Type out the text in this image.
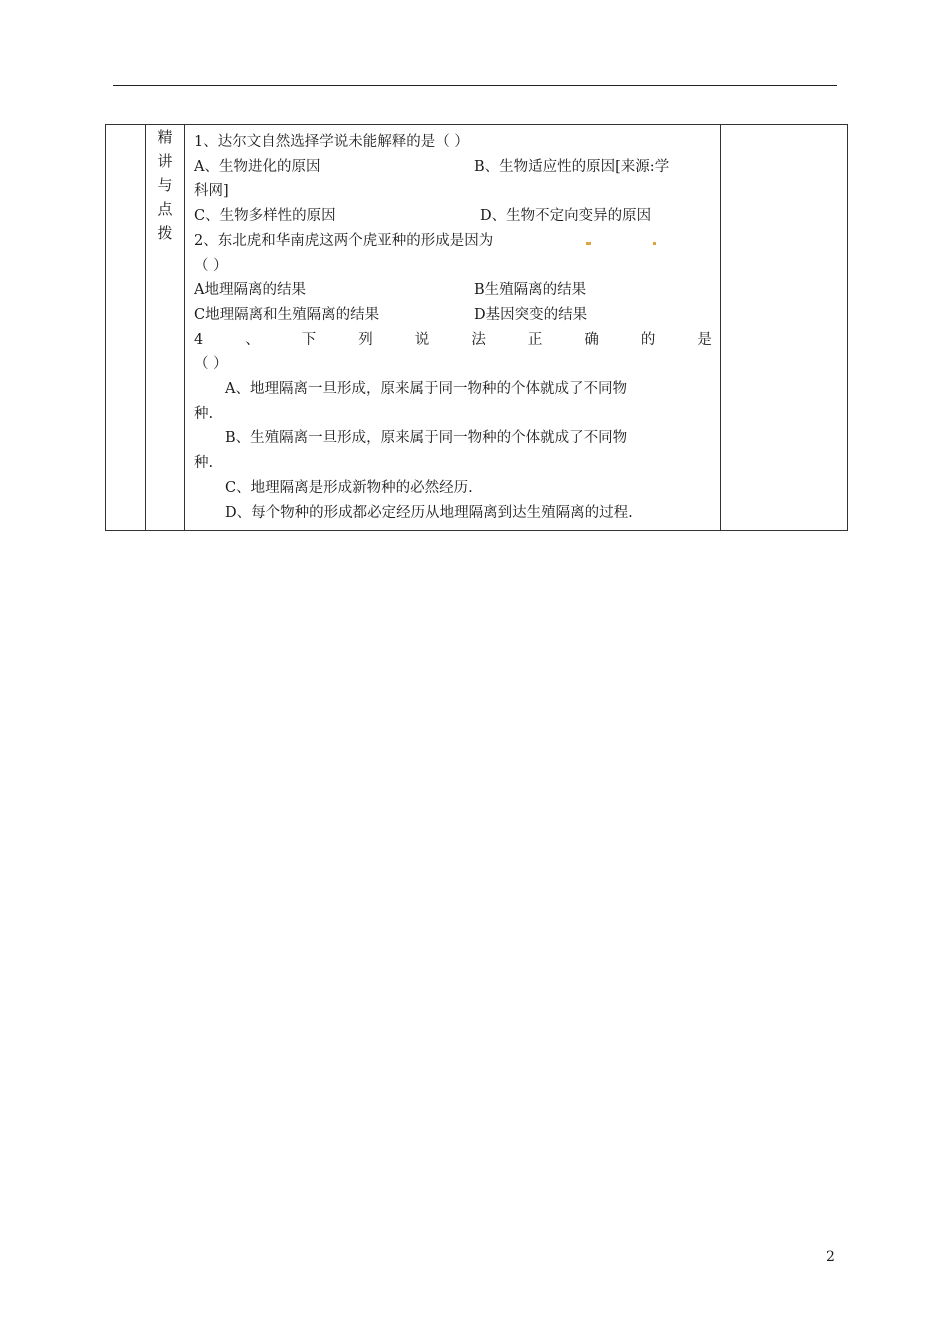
	精讲与点拨	
1、达尔文自然选择学说未能解释的是（ ）
A、生物进化的原因	B、生物适应性的原因[来源:学
科网]
C、生物多样性的原因	D、生物不定向变异的原因
2、东北虎和华南虎这两个虎亚种的形成是因为
（ ）
A地理隔离的结果	B生殖隔离的结果
C地理隔离和生殖隔离的结果	D基因突变的结果
4	、	下	列	说	法	正	确	的	是
（ ）
A、地理隔离一旦形成，原来属于同一物种的个体就成了不同物
种.
B、生殖隔离一旦形成，原来属于同一物种的个体就成了不同物
种.
C、地理隔离是形成新物种的必然经历.
D、每个物种的形成都必定经历从地理隔离到达生殖隔离的过程.

2
